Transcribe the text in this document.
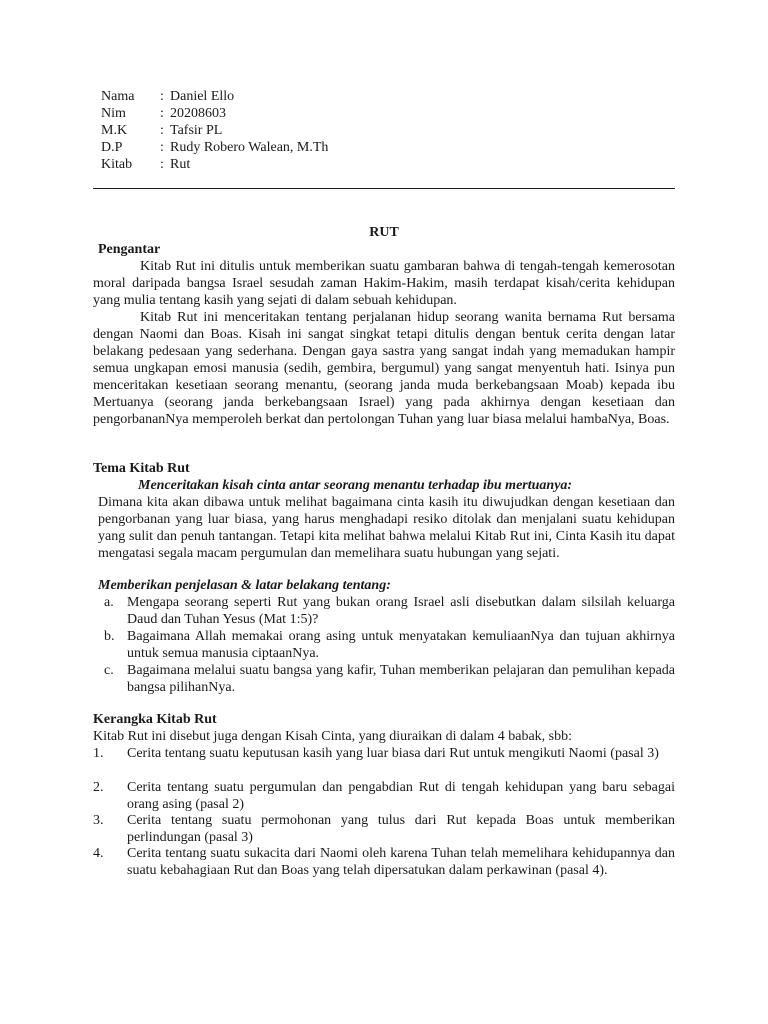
Nama : Daniel Ello
Nim : 20208603
M.K : Tafsir PL
D.P	: Rudy Robero Walean, M.Th
Kitab : Rut
RUT
Pengantar
Kitab Rut ini ditulis untuk memberikan suatu gambaran bahwa di tengah-tengah kemerosotan moral daripada bangsa Israel sesudah zaman Hakim-Hakim, masih terdapat kisah/cerita kehidupan yang mulia tentang kasih yang sejati di dalam sebuah kehidupan.
Kitab Rut ini menceritakan tentang perjalanan hidup seorang wanita bernama Rut bersama dengan Naomi dan Boas. Kisah ini sangat singkat tetapi ditulis dengan bentuk cerita dengan latar belakang pedesaan yang sederhana. Dengan gaya sastra yang sangat indah yang memadukan hampir semua ungkapan emosi manusia (sedih, gembira, bergumul) yang sangat menyentuh hati. Isinya pun menceritakan kesetiaan seorang menantu, (seorang janda muda berkebangsaan Moab) kepada ibu Mertuanya (seorang janda berkebangsaan Israel) yang pada akhirnya dengan kesetiaan dan pengorbananNya memperoleh berkat dan pertolongan Tuhan yang luar biasa melalui hambaNya, Boas.
Tema Kitab Rut
Menceritakan kisah cinta antar seorang menantu terhadap ibu mertuanya:
Dimana kita akan dibawa untuk melihat bagaimana cinta kasih itu diwujudkan dengan kesetiaan dan pengorbanan yang luar biasa, yang harus menghadapi resiko ditolak dan menjalani suatu kehidupan yang sulit dan penuh tantangan. Tetapi kita melihat bahwa melalui Kitab Rut ini, Cinta Kasih itu dapat mengatasi segala macam pergumulan dan memelihara suatu hubungan yang sejati.
Memberikan penjelasan & latar belakang tentang:
a. Mengapa seorang seperti Rut yang bukan orang Israel asli disebutkan dalam silsilah keluarga Daud dan Tuhan Yesus (Mat 1:5)?
b. Bagaimana Allah memakai orang asing untuk menyatakan kemuliaanNya dan tujuan akhirnya untuk semua manusia ciptaanNya.
c. Bagaimana melalui suatu bangsa yang kafir, Tuhan memberikan pelajaran dan pemulihan kepada bangsa pilihanNya.
Kerangka Kitab Rut
Kitab Rut ini disebut juga dengan Kisah Cinta, yang diuraikan di dalam 4 babak, sbb:
1. Cerita tentang suatu keputusan kasih yang luar biasa dari Rut untuk mengikuti Naomi (pasal 3)
2. Cerita tentang suatu pergumulan dan pengabdian Rut di tengah kehidupan yang baru sebagai orang asing (pasal 2)
3. Cerita tentang suatu permohonan yang tulus dari Rut kepada Boas untuk memberikan perlindungan (pasal 3)
4. Cerita tentang suatu sukacita dari Naomi oleh karena Tuhan telah memelihara kehidupannya dan suatu kebahagiaan Rut dan Boas yang telah dipersatukan dalam perkawinan (pasal 4).
